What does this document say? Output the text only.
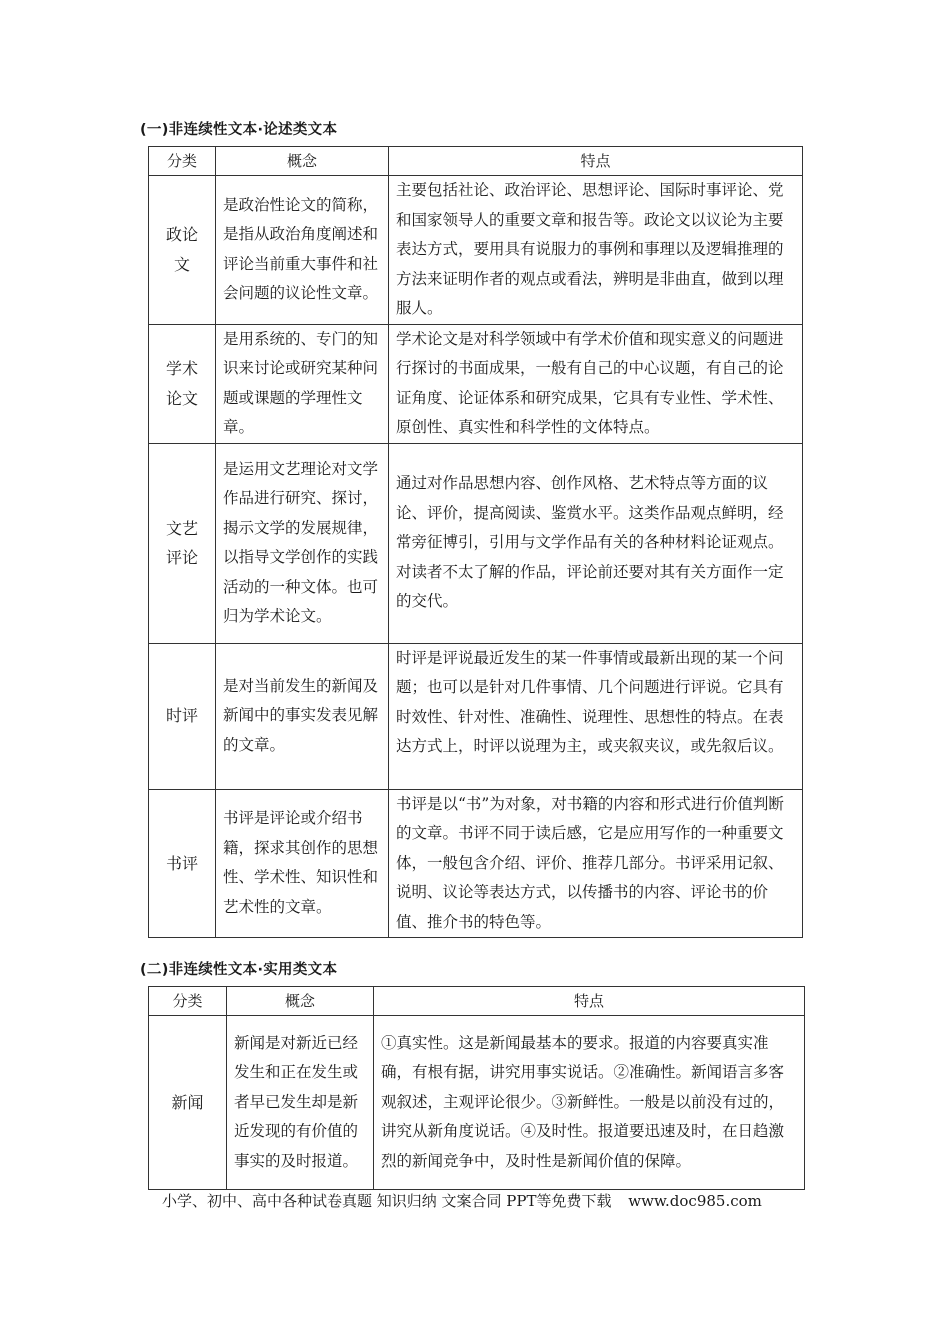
(一)非连续性文本·论述类文本
分类	概念	特点
政论文	是政治性论文的简称，是指从政治角度阐述和评论当前重大事件和社会问题的议论性文章。	主要包括社论、政治评论、思想评论、国际时事评论、党和国家领导人的重要文章和报告等。政论文以议论为主要表达方式，要用具有说服力的事例和事理以及逻辑推理的方法来证明作者的观点或看法，辨明是非曲直，做到以理服人。
学术论文	是用系统的、专门的知识来讨论或研究某种问题或课题的学理性文章。	学术论文是对科学领域中有学术价值和现实意义的问题进行探讨的书面成果，一般有自己的中心议题，有自己的论证角度、论证体系和研究成果，它具有专业性、学术性、原创性、真实性和科学性的文体特点。
文艺评论	是运用文艺理论对文学作品进行研究、探讨，揭示文学的发展规律，以指导文学创作的实践活动的一种文体。也可归为学术论文。	通过对作品思想内容、创作风格、艺术特点等方面的议论、评价，提高阅读、鉴赏水平。这类作品观点鲜明，经常旁征博引，引用与文学作品有关的各种材料论证观点。对读者不太了解的作品，评论前还要对其有关方面作一定的交代。
时评	是对当前发生的新闻及新闻中的事实发表见解的文章。	时评是评说最近发生的某一件事情或最新出现的某一个问题；也可以是针对几件事情、几个问题进行评说。它具有时效性、针对性、准确性、说理性、思想性的特点。在表达方式上，时评以说理为主，或夹叙夹议，或先叙后议。
书评	书评是评论或介绍书籍，探求其创作的思想性、学术性、知识性和艺术性的文章。	书评是以“书”为对象，对书籍的内容和形式进行价值判断的文章。书评不同于读后感，它是应用写作的一种重要文体，一般包含介绍、评价、推荐几部分。书评采用记叙、说明、议论等表达方式，以传播书的内容、评论书的价值、推介书的特色等。
(二)非连续性文本·实用类文本
分类	概念	特点
新闻	新闻是对新近已经发生和正在发生或者早已发生却是新近发现的有价值的事实的及时报道。	①真实性。这是新闻最基本的要求。报道的内容要真实准确，有根有据，讲究用事实说话。②准确性。新闻语言多客观叙述，主观评论很少。③新鲜性。一般是以前没有过的，讲究从新角度说话。④及时性。报道要迅速及时，在日趋激烈的新闻竞争中，及时性是新闻价值的保障。
小学、初中、高中各种试卷真题 知识归纳 文案合同 PPT等免费下载 www.doc985.com
